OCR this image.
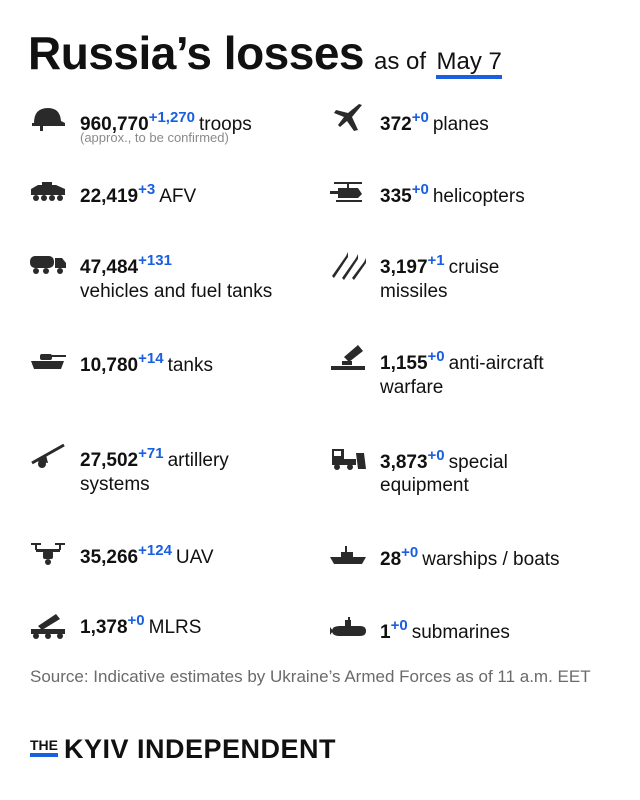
Russia’s losses as of May 7
$960,770^{+1,270}$ troops
(approx., to be confirmed)
$22,419^{+3}$ AFV
$47,484^{+131}$
vehicles and fuel tanks
$10,780^{+14}$ tanks
$27,502^{+71}$ artillery
systems
$35,266^{+124}$ UAV
$1,378^{+0}$ MLRS
$372^{+0}$ planes
$335^{+0}$ helicopters
$3,197^{+1}$ cruise
missiles
$1,155^{+0}$ anti-aircraft
warfare
$3,873^{+0}$ special
equipment
$28^{+0}$ warships / boats
$1^{+0}$ submarines
Source: Indicative estimates by Ukraine’s Armed Forces as of 11 a.m. EET
THE KYIV INDEPENDENT
